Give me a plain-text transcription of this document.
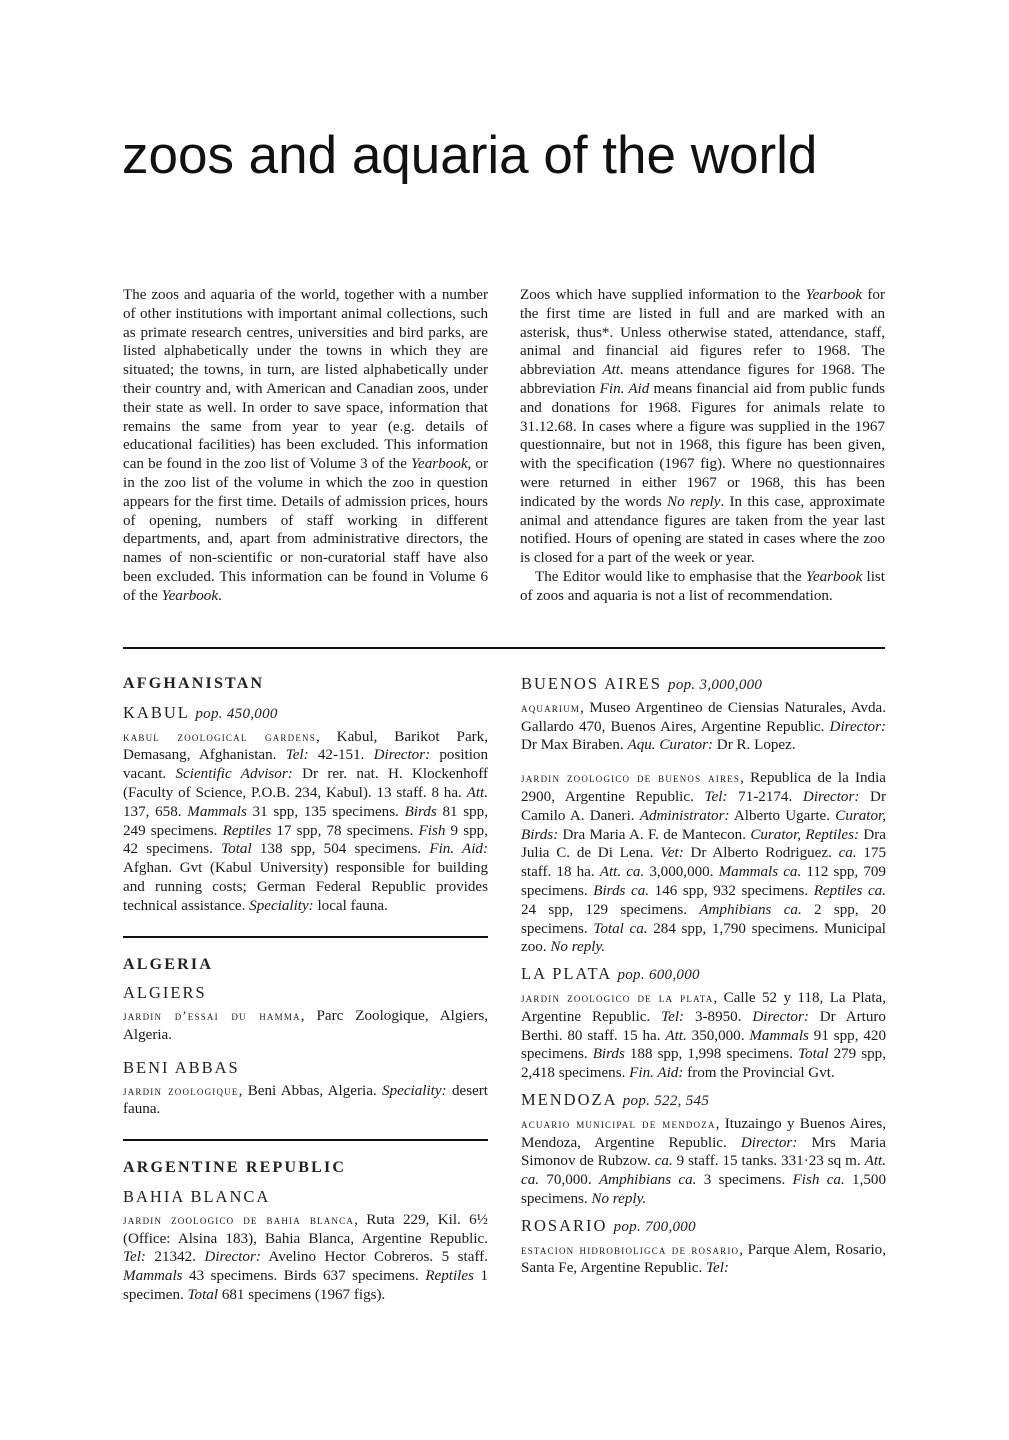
zoos and aquaria of the world

The zoos and aquaria of the world, together with a number of other institutions with important animal collections, such as primate research centres, universities and bird parks, are listed alphabetically under the towns in which they are situated; the towns, in turn, are listed alphabetically under their country and, with American and Canadian zoos, under their state as well. In order to save space, information that remains the same from year to year (e.g. details of educational facilities) has been excluded. This information can be found in the zoo list of Volume 3 of the Yearbook, or in the zoo list of the volume in which the zoo in question appears for the first time. Details of admission prices, hours of opening, numbers of staff working in different departments, and, apart from administrative directors, the names of non-scientific or non-curatorial staff have also been excluded. This information can be found in Volume 6 of the Yearbook.

Zoos which have supplied information to the Yearbook for the first time are listed in full and are marked with an asterisk, thus*. Unless otherwise stated, attendance, staff, animal and financial aid figures refer to 1968. The abbreviation Att. means attendance figures for 1968. The abbreviation Fin. Aid means financial aid from public funds and donations for 1968. Figures for animals relate to 31.12.68. In cases where a figure was supplied in the 1967 questionnaire, but not in 1968, this figure has been given, with the specification (1967 fig). Where no questionnaires were returned in either 1967 or 1968, this has been indicated by the words No reply. In this case, approximate animal and attendance figures are taken from the year last notified. Hours of opening are stated in cases where the zoo is closed for a part of the week or year.

The Editor would like to emphasise that the Yearbook list of zoos and aquaria is not a list of recommendation.

AFGHANISTAN
KABUL pop. 450,000

kabul zoological gardens, Kabul, Barikot Park, Demasang, Afghanistan. Tel: 42-151. Director: position vacant. Scientific Advisor: Dr rer. nat. H. Klockenhoff (Faculty of Science, P.O.B. 234, Kabul). 13 staff. 8 ha. Att. 137, 658. Mammals 31 spp, 135 specimens. Birds 81 spp, 249 specimens. Reptiles 17 spp, 78 specimens. Fish 9 spp, 42 specimens. Total 138 spp, 504 specimens. Fin. Aid: Afghan. Gvt (Kabul University) responsible for building and running costs; German Federal Republic provides technical assistance. Speciality: local fauna.

ALGERIA
ALGIERS

jardin d’essai du hamma, Parc Zoologique, Algiers, Algeria.

BENI ABBAS

jardin zoologique, Beni Abbas, Algeria. Speciality: desert fauna.

ARGENTINE REPUBLIC
BAHIA BLANCA

jardin zoologico de bahia blanca, Ruta 229, Kil. 6½ (Office: Alsina 183), Bahia Blanca, Argentine Republic. Tel: 21342. Director: Avelino Hector Cobreros. 5 staff. Mammals 43 specimens. Birds 637 specimens. Reptiles 1 specimen. Total 681 specimens (1967 figs).

BUENOS AIRES pop. 3,000,000

aquarium, Museo Argentineo de Ciensias Naturales, Avda. Gallardo 470, Buenos Aires, Argentine Republic. Director: Dr Max Biraben. Aqu. Curator: Dr R. Lopez.

jardin zoologico de buenos aires, Republica de la India 2900, Argentine Republic. Tel: 71-2174. Director: Dr Camilo A. Daneri. Administrator: Alberto Ugarte. Curator, Birds: Dra Maria A. F. de Mantecon. Curator, Reptiles: Dra Julia C. de Di Lena. Vet: Dr Alberto Rodriguez. ca. 175 staff. 18 ha. Att. ca. 3,000,000. Mammals ca. 112 spp, 709 specimens. Birds ca. 146 spp, 932 specimens. Reptiles ca. 24 spp, 129 specimens. Amphibians ca. 2 spp, 20 specimens. Total ca. 284 spp, 1,790 specimens. Municipal zoo. No reply.

LA PLATA pop. 600,000

jardin zoologico de la plata, Calle 52 y 118, La Plata, Argentine Republic. Tel: 3-8950. Director: Dr Arturo Berthi. 80 staff. 15 ha. Att. 350,000. Mammals 91 spp, 420 specimens. Birds 188 spp, 1,998 specimens. Total 279 spp, 2,418 specimens. Fin. Aid: from the Provincial Gvt.

MENDOZA pop. 522, 545

acuario municipal de mendoza, Ituzaingo y Buenos Aires, Mendoza, Argentine Republic. Director: Mrs Maria Simonov de Rubzow. ca. 9 staff. 15 tanks. 331·23 sq m. Att. ca. 70,000. Amphibians ca. 3 specimens. Fish ca. 1,500 specimens. No reply.

ROSARIO pop. 700,000

estacion hidrobioligca de rosario, Parque Alem, Rosario, Santa Fe, Argentine Republic. Tel:
